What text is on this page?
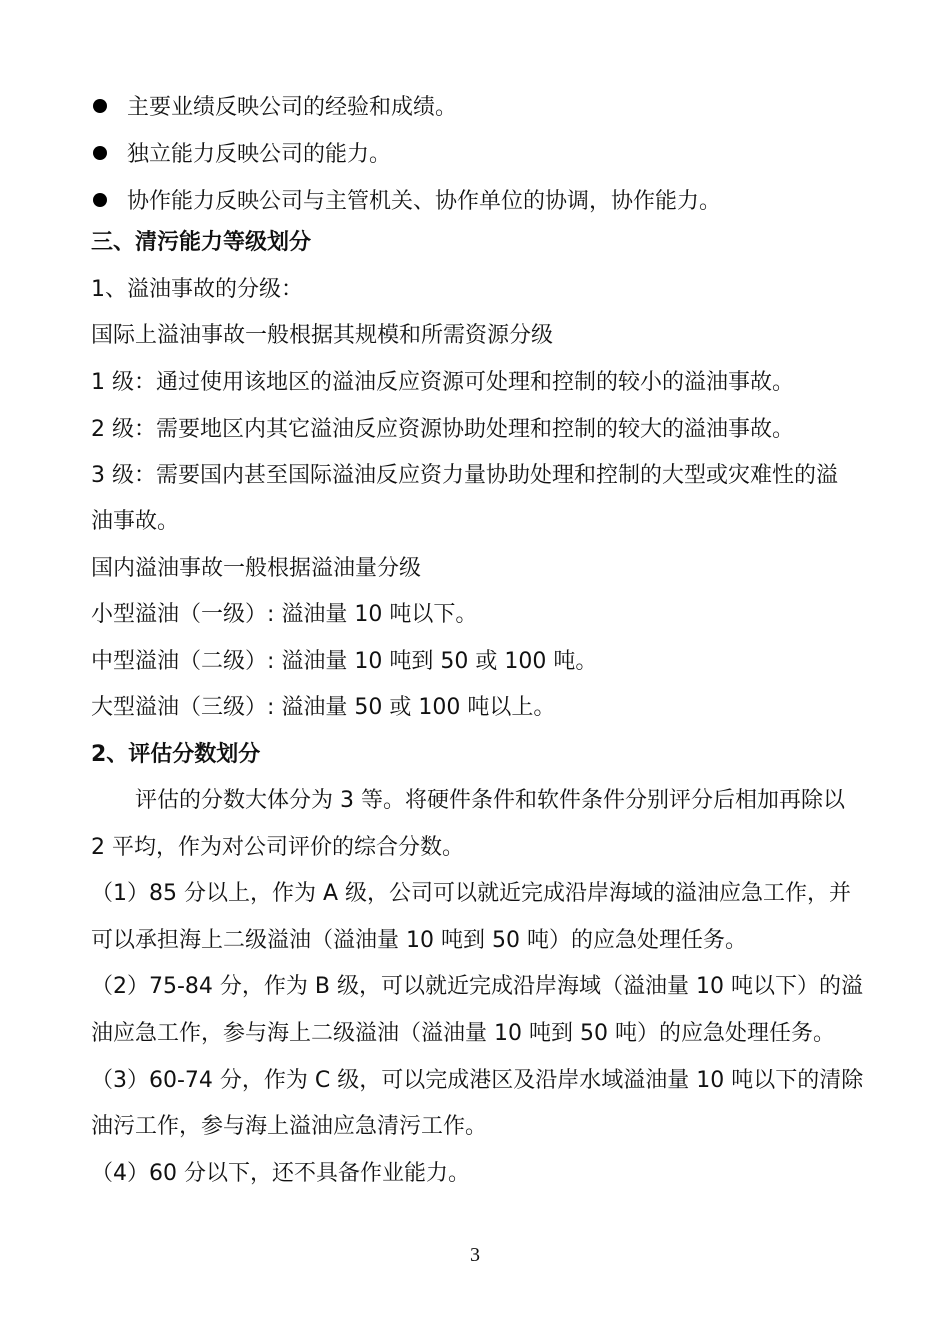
主要业绩反映公司的经验和成绩。
独立能力反映公司的能力。
协作能力反映公司与主管机关、协作单位的协调，协作能力。
三、清污能力等级划分
1、溢油事故的分级：
国际上溢油事故一般根据其规模和所需资源分级
1 级：通过使用该地区的溢油反应资源可处理和控制的较小的溢油事故。
2 级：需要地区内其它溢油反应资源协助处理和控制的较大的溢油事故。
3 级：需要国内甚至国际溢油反应资力量协助处理和控制的大型或灾难性的溢
油事故。
国内溢油事故一般根据溢油量分级
小型溢油（一级）: 溢油量 10 吨以下。
中型溢油（二级）: 溢油量 10 吨到 50 或 100 吨。
大型溢油（三级）: 溢油量 50 或 100 吨以上。
2、评估分数划分
评估的分数大体分为 3 等。将硬件条件和软件条件分别评分后相加再除以
2 平均，作为对公司评价的综合分数。
（1）85 分以上，作为 A 级，公司可以就近完成沿岸海域的溢油应急工作，并
可以承担海上二级溢油（溢油量 10 吨到 50 吨）的应急处理任务。
（2）75-84 分，作为 B 级，可以就近完成沿岸海域（溢油量 10 吨以下）的溢
油应急工作，参与海上二级溢油（溢油量 10 吨到 50 吨）的应急处理任务。
（3）60-74 分，作为 C 级，可以完成港区及沿岸水域溢油量 10 吨以下的清除
油污工作，参与海上溢油应急清污工作。
（4）60 分以下，还不具备作业能力。
3
